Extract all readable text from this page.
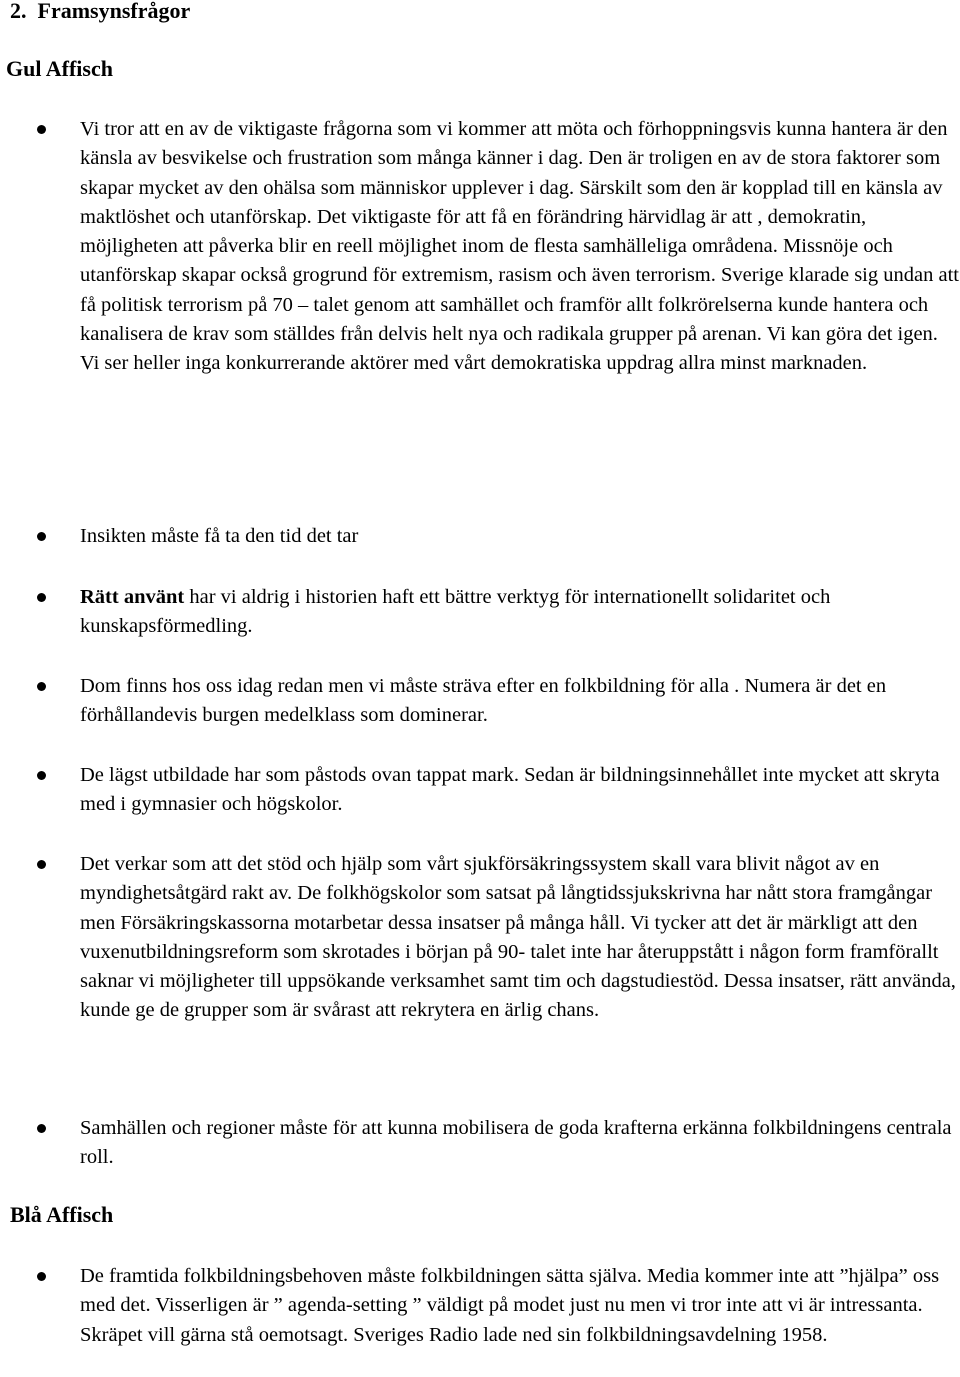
2. Framsynsfrågor
Gul Affisch

Vi tror att en av de viktigaste frågorna som vi kommer att möta och förhoppningsvis kunna hantera är den känsla av besvikelse och frustration som många känner i dag. Den är troligen en av de stora faktorer som skapar mycket av den ohälsa som människor upplever i dag. Särskilt som den är kopplad till en känsla av maktlöshet och utanförskap. Det viktigaste för att få en förändring härvidlag är att , demokratin, möjligheten att påverka blir en reell möjlighet inom de flesta samhälleliga områdena. Missnöje och utanförskap skapar också grogrund för extremism, rasism och även terrorism. Sverige klarade sig undan att få politisk terrorism på 70 – talet genom att samhället och framför allt folkrörelserna kunde hantera och kanalisera de krav som ställdes från delvis helt nya och radikala grupper på arenan. Vi kan göra det igen. Vi ser heller inga konkurrerande aktörer med vårt demokratiska uppdrag allra minst marknaden.

Insikten måste få ta den tid det tar

Rätt använt har vi aldrig i historien haft ett bättre verktyg för internationellt solidaritet och kunskapsförmedling.

Dom finns hos oss idag redan men vi måste sträva efter en folkbildning för alla . Numera är det en förhållandevis burgen medelklass som dominerar.

De lägst utbildade har som påstods ovan tappat mark. Sedan är bildningsinnehållet inte mycket att skryta med i gymnasier och högskolor.

Det verkar som att det stöd och hjälp som vårt sjukförsäkringssystem skall vara blivit något av en myndighetsåtgärd rakt av. De folkhögskolor som satsat på långtidssjukskrivna har nått stora framgångar men Försäkringskassorna motarbetar dessa insatser på många håll. Vi tycker att det är märkligt att den vuxenutbildningsreform som skrotades i början på 90- talet inte har återuppstått i någon form framförallt saknar vi möjligheter till uppsökande verksamhet samt tim och dagstudiestöd. Dessa insatser, rätt använda, kunde ge de grupper som är svårast att rekrytera en ärlig chans.

Samhällen och regioner måste för att kunna mobilisera de goda krafterna erkänna folkbildningens centrala roll.

Blå Affisch

De framtida folkbildningsbehoven måste folkbildningen sätta själva. Media kommer inte att ”hjälpa” oss med det. Visserligen är ” agenda-setting ” väldigt på modet just nu men vi tror inte att vi är intressanta. Skräpet vill gärna stå oemotsagt. Sveriges Radio lade ned sin folkbildningsavdelning 1958.
